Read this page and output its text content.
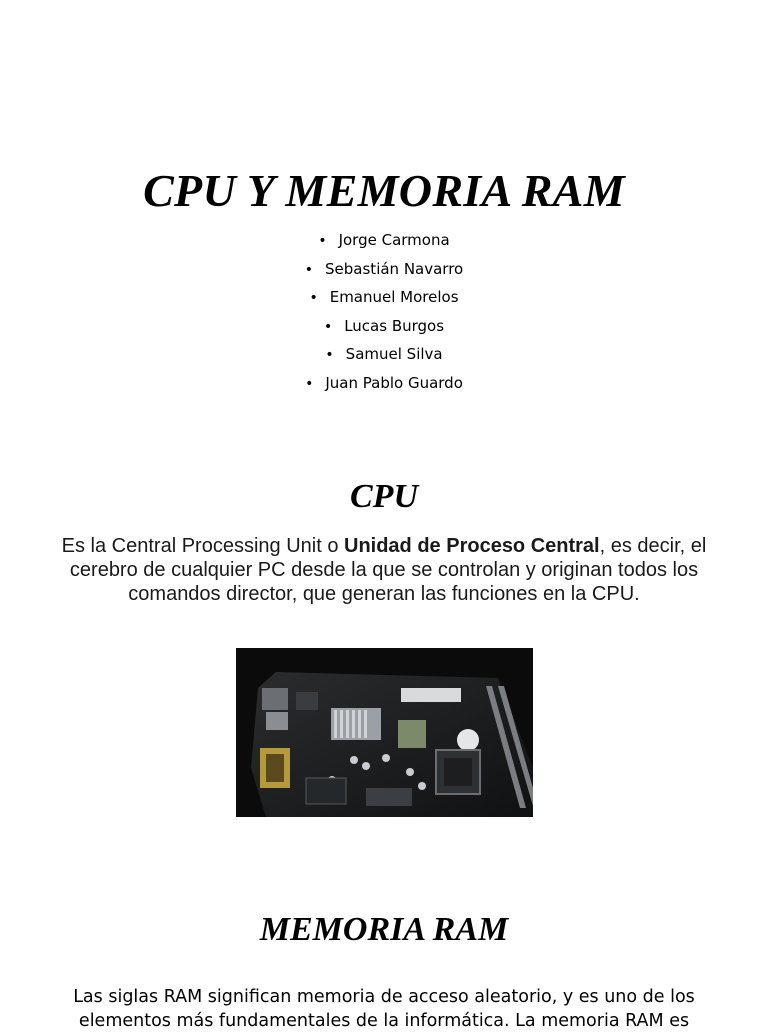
CPU Y MEMORIA RAM
• Jorge Carmona
• Sebastián Navarro
• Emanuel Morelos
• Lucas Burgos
• Samuel Silva
• Juan Pablo Guardo
CPU

Es la Central Processing Unit o Unidad de Proceso Central, es decir, el cerebro de cualquier PC desde la que se controlan y originan todos los comandos director, que generan las funciones en la CPU.

MEMORIA RAM

Las siglas RAM significan memoria de acceso aleatorio, y es uno de los elementos más fundamentales de la informática. La memoria RAM es
